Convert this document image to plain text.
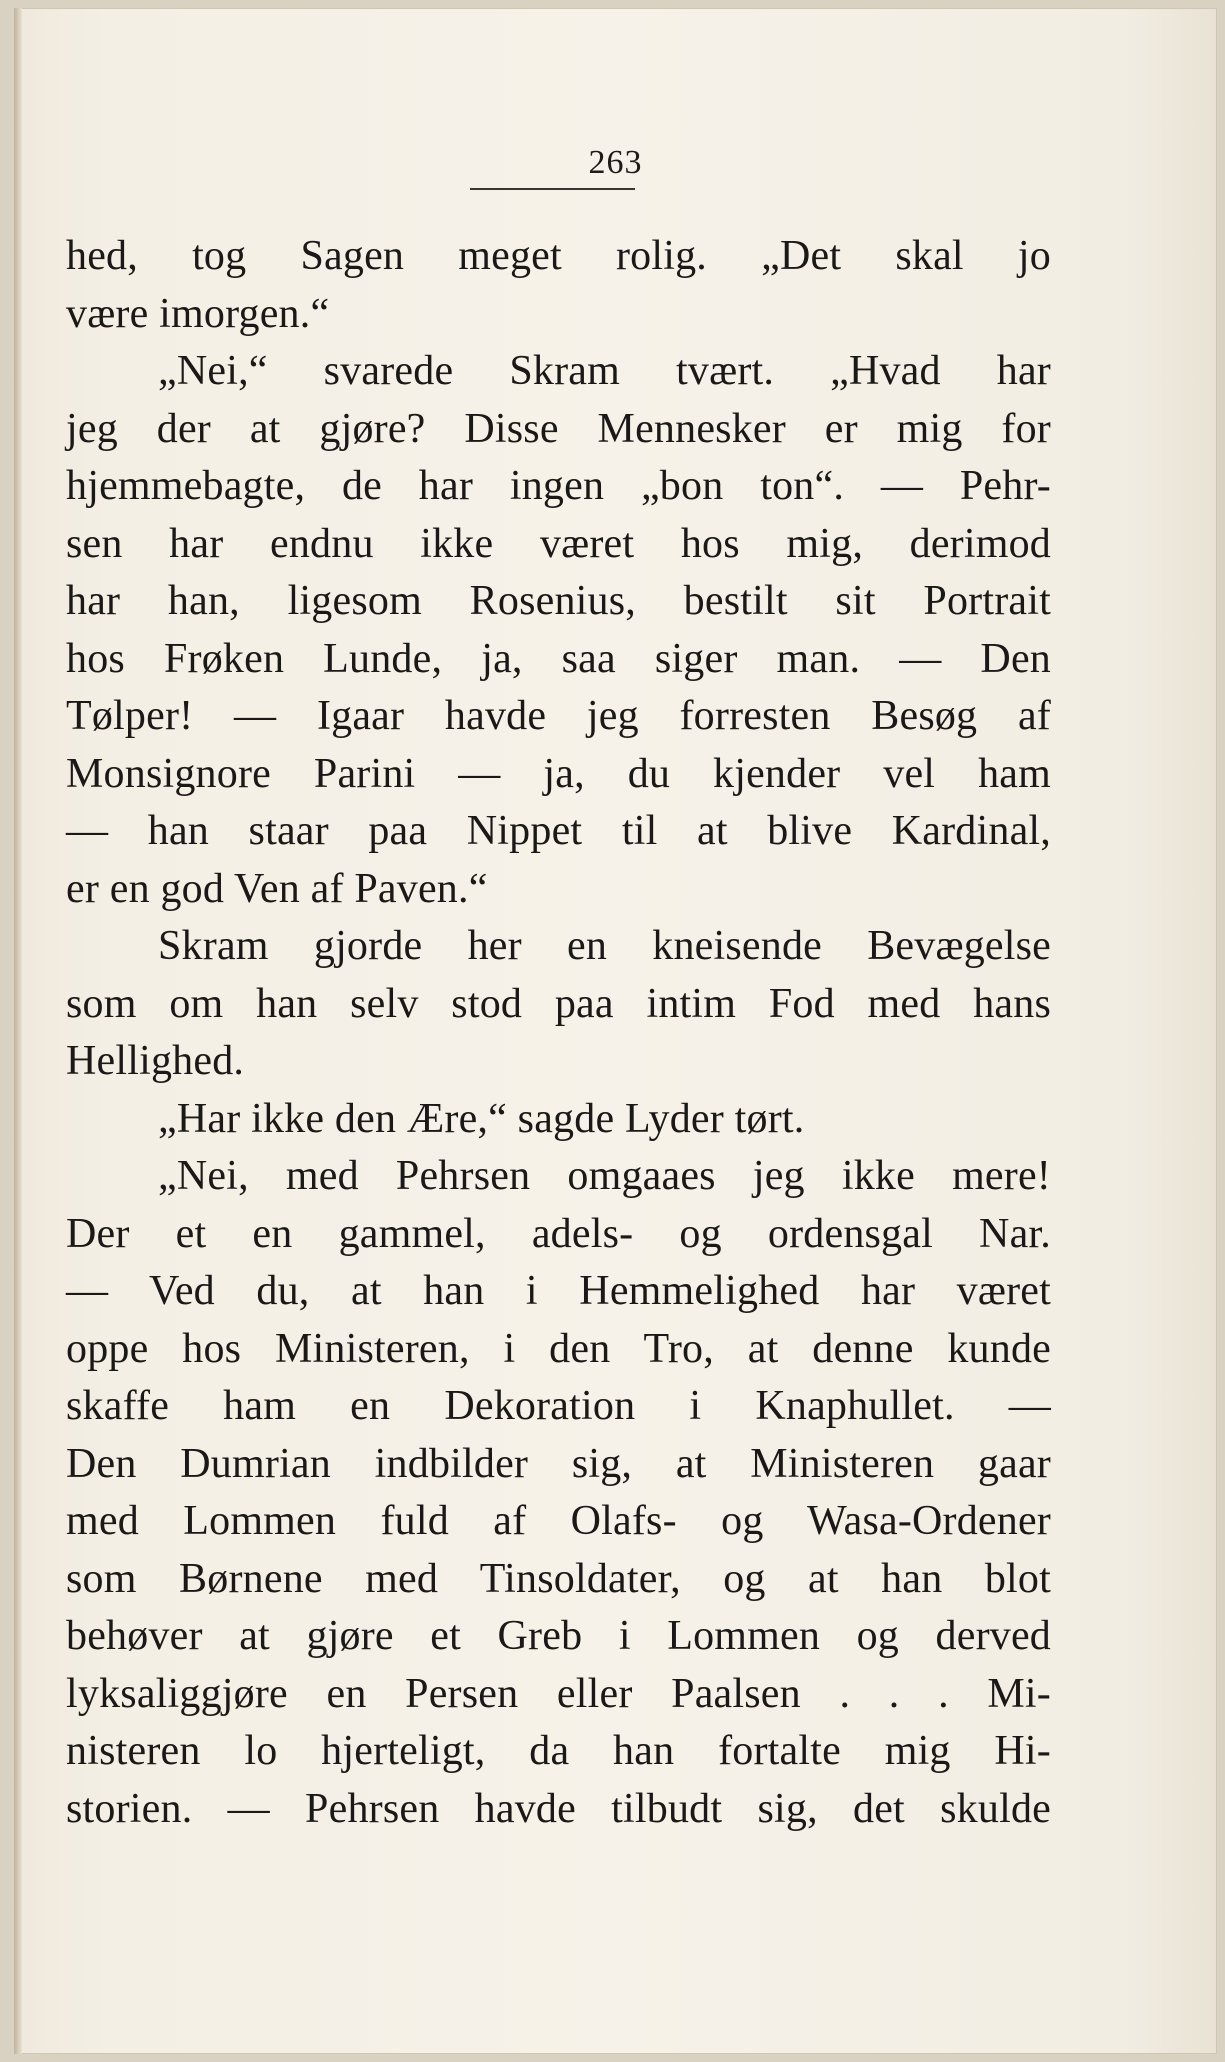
263
hed, tog Sagen meget rolig. „Det skal jo
være imorgen.“
„Nei,“ svarede Skram tvært. „Hvad har
jeg der at gjøre? Disse Mennesker er mig for
hjemmebagte, de har ingen „bon ton“. — Pehr-
sen har endnu ikke været hos mig, derimod
har han, ligesom Rosenius, bestilt sit Portrait
hos Frøken Lunde, ja, saa siger man. — Den
Tølper! — Igaar havde jeg forresten Besøg af
Monsignore Parini — ja, du kjender vel ham
— han staar paa Nippet til at blive Kardinal,
er en god Ven af Paven.“
Skram gjorde her en kneisende Bevægelse
som om han selv stod paa intim Fod med hans
Hellighed.
„Har ikke den Ære,“ sagde Lyder tørt.
„Nei, med Pehrsen omgaaes jeg ikke mere!
Der et en gammel, adels- og ordensgal Nar.
— Ved du, at han i Hemmelighed har været
oppe hos Ministeren, i den Tro, at denne kunde
skaffe ham en Dekoration i Knaphullet. —
Den Dumrian indbilder sig, at Ministeren gaar
med Lommen fuld af Olafs- og Wasa-Ordener
som Børnene med Tinsoldater, og at han blot
behøver at gjøre et Greb i Lommen og derved
lyksaliggjøre en Persen eller Paalsen . . . Mi-
nisteren lo hjerteligt, da han fortalte mig Hi-
storien. — Pehrsen havde tilbudt sig, det skulde
